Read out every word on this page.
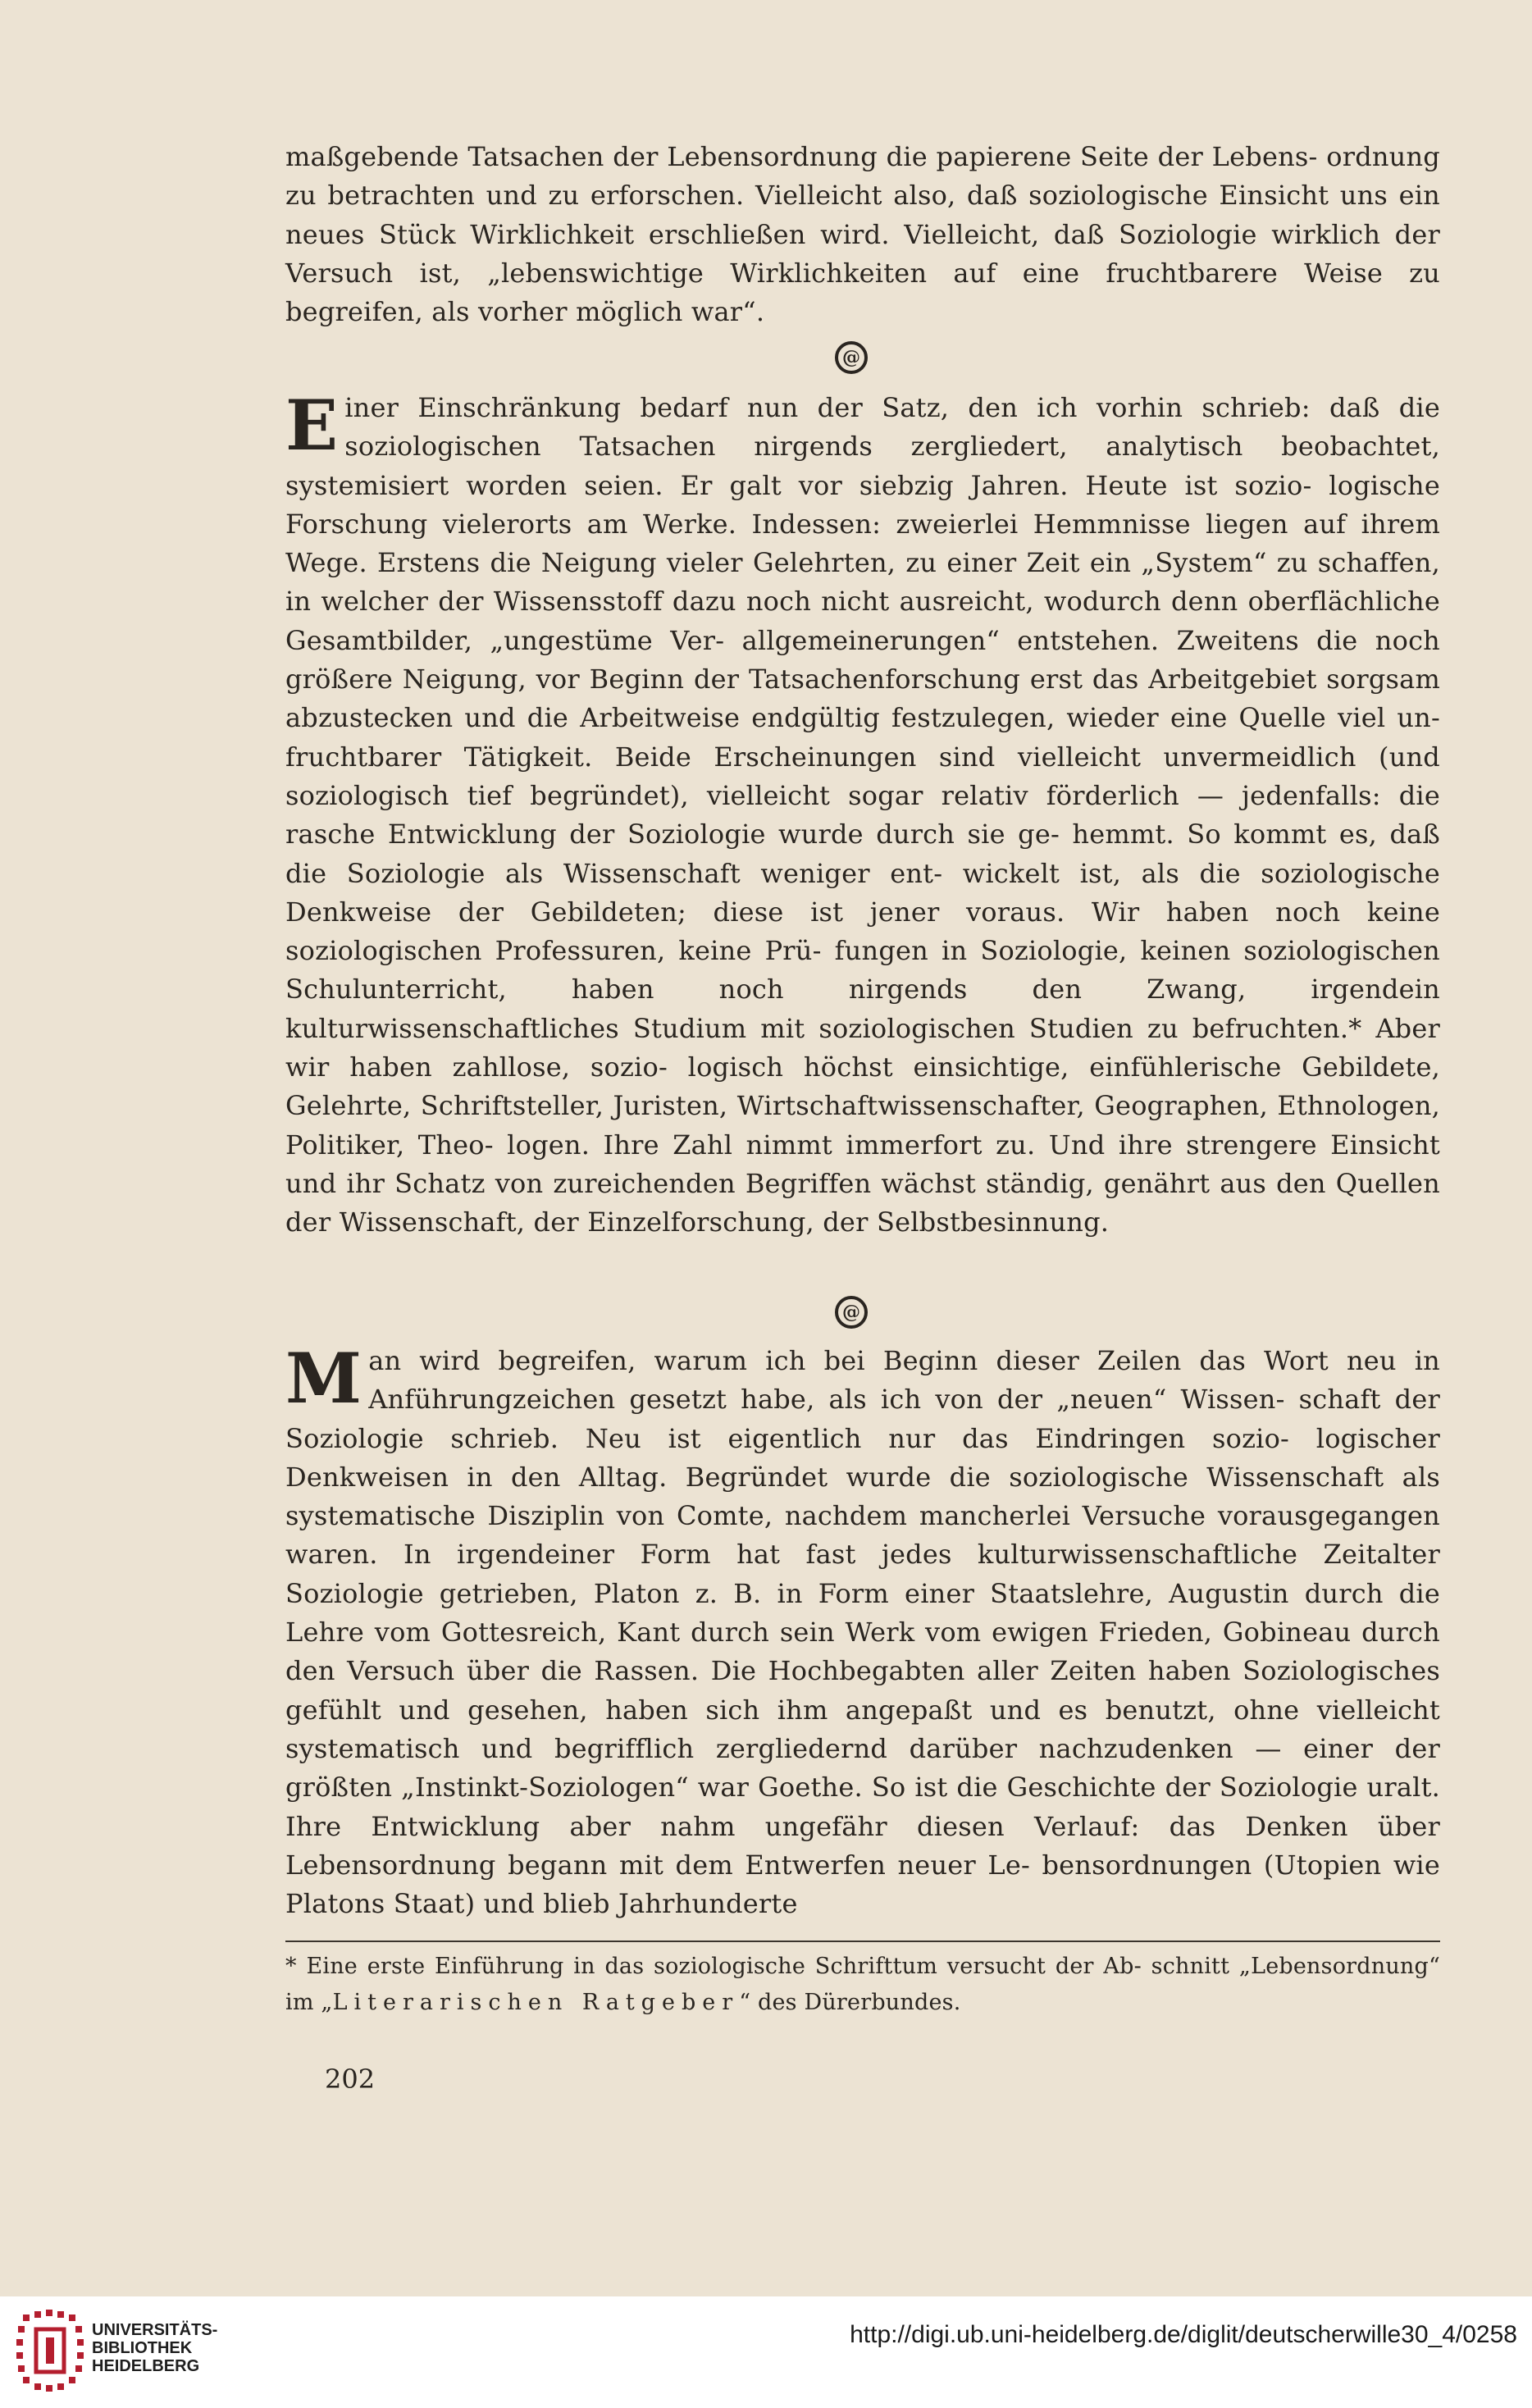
maßgebende Tatsachen der Lebensordnung die papierene Seite der Lebens- ordnung zu betrachten und zu erforschen. Vielleicht also, daß soziologische Einsicht uns ein neues Stück Wirklichkeit erschließen wird. Vielleicht, daß Soziologie wirklich der Versuch ist, „lebenswichtige Wirklichkeiten auf eine fruchtbarere Weise zu begreifen, als vorher möglich war“.

@

Einer Einschränkung bedarf nun der Satz, den ich vorhin schrieb: daß die soziologischen Tatsachen nirgends zergliedert, analytisch beobachtet, systemisiert worden seien. Er galt vor siebzig Jahren. Heute ist sozio- logische Forschung vielerorts am Werke. Indessen: zweierlei Hemmnisse liegen auf ihrem Wege. Erstens die Neigung vieler Gelehrten, zu einer Zeit ein „System“ zu schaffen, in welcher der Wissensstoff dazu noch nicht ausreicht, wodurch denn oberflächliche Gesamtbilder, „ungestüme Ver- allgemeinerungen“ entstehen. Zweitens die noch größere Neigung, vor Beginn der Tatsachenforschung erst das Arbeitgebiet sorgsam abzustecken und die Arbeitweise endgültig festzulegen, wieder eine Quelle viel un- fruchtbarer Tätigkeit. Beide Erscheinungen sind vielleicht unvermeidlich (und soziologisch tief begründet), vielleicht sogar relativ förderlich — jedenfalls: die rasche Entwicklung der Soziologie wurde durch sie ge- hemmt. So kommt es, daß die Soziologie als Wissenschaft weniger ent- wickelt ist, als die soziologische Denkweise der Gebildeten; diese ist jener voraus. Wir haben noch keine soziologischen Professuren, keine Prü- fungen in Soziologie, keinen soziologischen Schulunterricht, haben noch nirgends den Zwang, irgendein kulturwissenschaftliches Studium mit soziologischen Studien zu befruchten.* Aber wir haben zahllose, sozio- logisch höchst einsichtige, einfühlerische Gebildete, Gelehrte, Schriftsteller, Juristen, Wirtschaftwissenschafter, Geographen, Ethnologen, Politiker, Theo- logen. Ihre Zahl nimmt immerfort zu. Und ihre strengere Einsicht und ihr Schatz von zureichenden Begriffen wächst ständig, genährt aus den Quellen der Wissenschaft, der Einzelforschung, der Selbstbesinnung.

@

Man wird begreifen, warum ich bei Beginn dieser Zeilen das Wort neu in Anführungzeichen gesetzt habe, als ich von der „neuen“ Wissen- schaft der Soziologie schrieb. Neu ist eigentlich nur das Eindringen sozio- logischer Denkweisen in den Alltag. Begründet wurde die soziologische Wissenschaft als systematische Disziplin von Comte, nachdem mancherlei Versuche vorausgegangen waren. In irgendeiner Form hat fast jedes kulturwissenschaftliche Zeitalter Soziologie getrieben, Platon z. B. in Form einer Staatslehre, Augustin durch die Lehre vom Gottesreich, Kant durch sein Werk vom ewigen Frieden, Gobineau durch den Versuch über die Rassen. Die Hochbegabten aller Zeiten haben Soziologisches gefühlt und gesehen, haben sich ihm angepaßt und es benutzt, ohne vielleicht systematisch und begrifflich zergliedernd darüber nachzudenken — einer der größten „Instinkt-Soziologen“ war Goethe. So ist die Geschichte der Soziologie uralt. Ihre Entwicklung aber nahm ungefähr diesen Verlauf: das Denken über Lebensordnung begann mit dem Entwerfen neuer Le- bensordnungen (Utopien wie Platons Staat) und blieb Jahrhunderte

* Eine erste Einführung in das soziologische Schrifttum versucht der Ab- schnitt „Lebensordnung“ im „Literarischen Ratgeber“ des Dürerbundes.

202
UNIVERSITÄTS-
BIBLIOTHEK
HEIDELBERG
http://digi.ub.uni-heidelberg.de/diglit/deutscherwille30_4/0258
